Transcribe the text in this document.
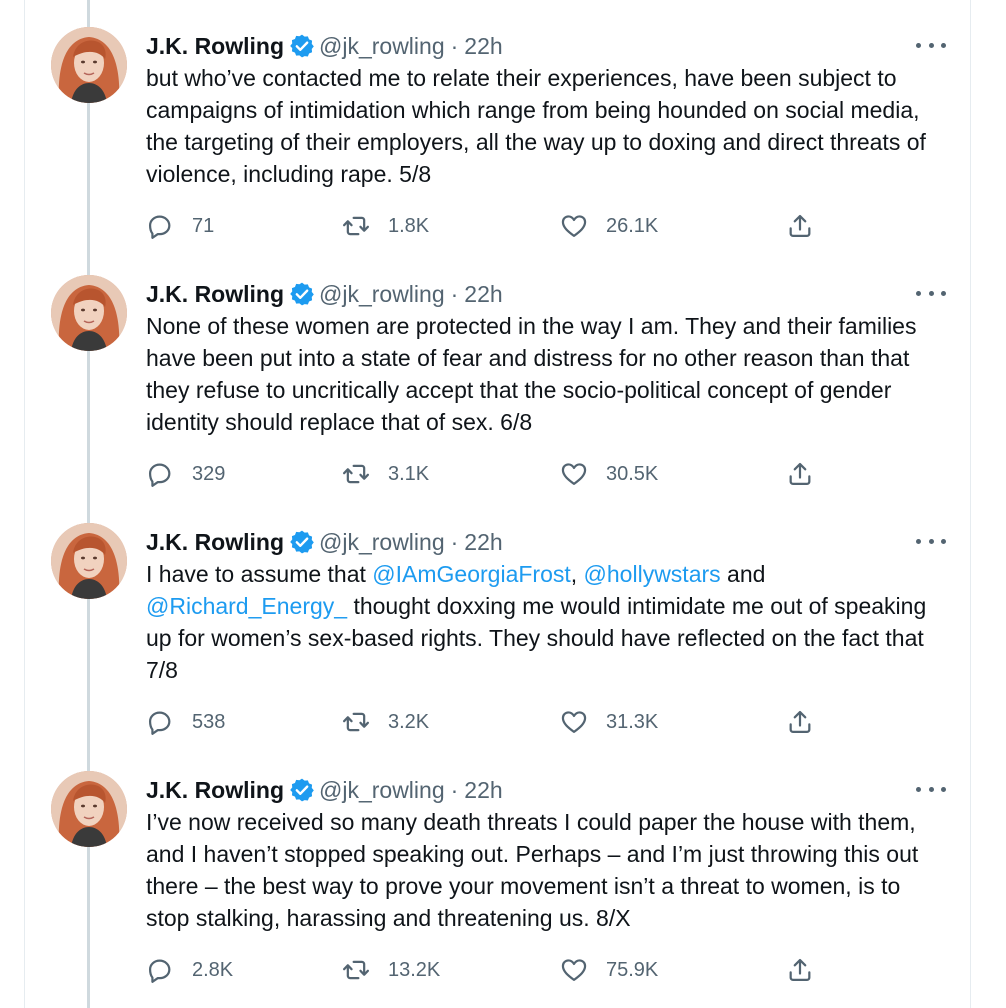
J.K. Rowling @jk_rowling · 22h
but who’ve contacted me to relate their experiences, have been subject to campaigns of intimidation which range from being hounded on social media, the targeting of their employers, all the way up to doxing and direct threats of violence, including rape. 5/8
71	1.8K	26.1K
J.K. Rowling @jk_rowling · 22h
None of these women are protected in the way I am. They and their families have been put into a state of fear and distress for no other reason than that they refuse to uncritically accept that the socio-political concept of gender identity should replace that of sex. 6/8
329	3.1K	30.5K
J.K. Rowling @jk_rowling · 22h
I have to assume that @IAmGeorgiaFrost, @hollywstars and @Richard_Energy_ thought doxxing me would intimidate me out of speaking up for women’s sex-based rights. They should have reflected on the fact that 7/8
538	3.2K	31.3K
J.K. Rowling @jk_rowling · 22h
I’ve now received so many death threats I could paper the house with them, and I haven’t stopped speaking out. Perhaps – and I’m just throwing this out there – the best way to prove your movement isn’t a threat to women, is to stop stalking, harassing and threatening us. 8/X
2.8K	13.2K	75.9K
